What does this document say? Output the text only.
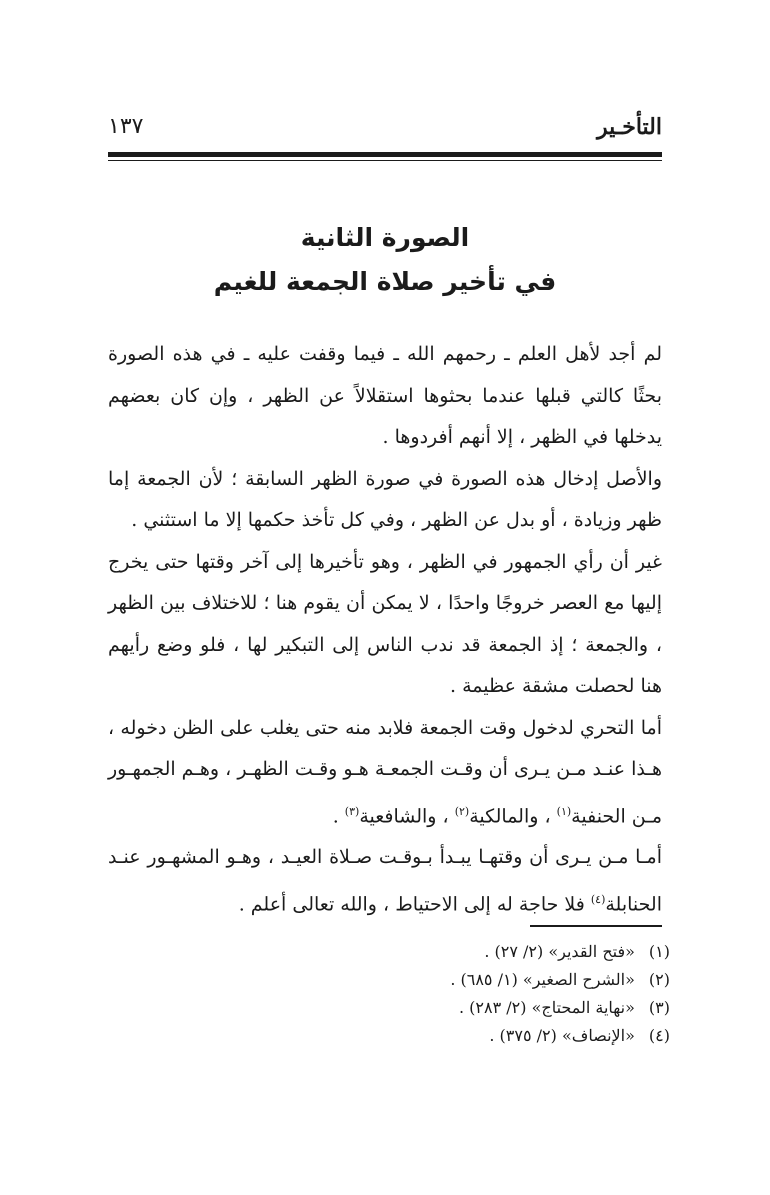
التأخـير
١٣٧
الصورة الثانية
في تأخير صلاة الجمعة للغيم

لم أجد لأهل العلم ـ رحمهم الله ـ فيما وقفت عليه ـ في هذه الصورة بحثًا كالتي قبلها عندما بحثوها استقلالاً عن الظهر ، وإن كان بعضهم يدخلها في الظهر ، إلا أنهم أفردوها .

والأصل إدخال هذه الصورة في صورة الظهر السابقة ؛ لأن الجمعة إما ظهر وزيادة ، أو بدل عن الظهر ، وفي كل تأخذ حكمها إلا ما استثني .

غير أن رأي الجمهور في الظهر ، وهو تأخيرها إلى آخر وقتها حتى يخرج إليها مع العصر خروجًا واحدًا ، لا يمكن أن يقوم هنا ؛ للاختلاف بين الظهر ، والجمعة ؛ إذ الجمعة قد ندب الناس إلى التبكير لها ، فلو وضع رأيهم هنا لحصلت مشقة عظيمة .

أما التحري لدخول وقت الجمعة فلابد منه حتى يغلب على الظن دخوله ، هـذا عنـد مـن يـرى أن وقـت الجمعـة هـو وقـت الظهـر ، وهـم الجمهـور مـن الحنفية$^{(١)}$ ، والمالكية$^{(٢)}$ ، والشافعية$^{(٣)}$ .

أمـا مـن يـرى أن وقتهـا يبـدأ بـوقـت صـلاة العيـد ، وهـو المشهـور عنـد الحنابلة$^{(٤)}$ فلا حاجة له إلى الاحتياط ، والله تعالى أعلم .

(١) «فتح القدير» (٢/ ٢٧) .
(٢) «الشرح الصغير» (١/ ٦٨٥) .
(٣) «نهاية المحتاج» (٢/ ٢٨٣) .
(٤) «الإنصاف» (٢/ ٣٧٥) .
